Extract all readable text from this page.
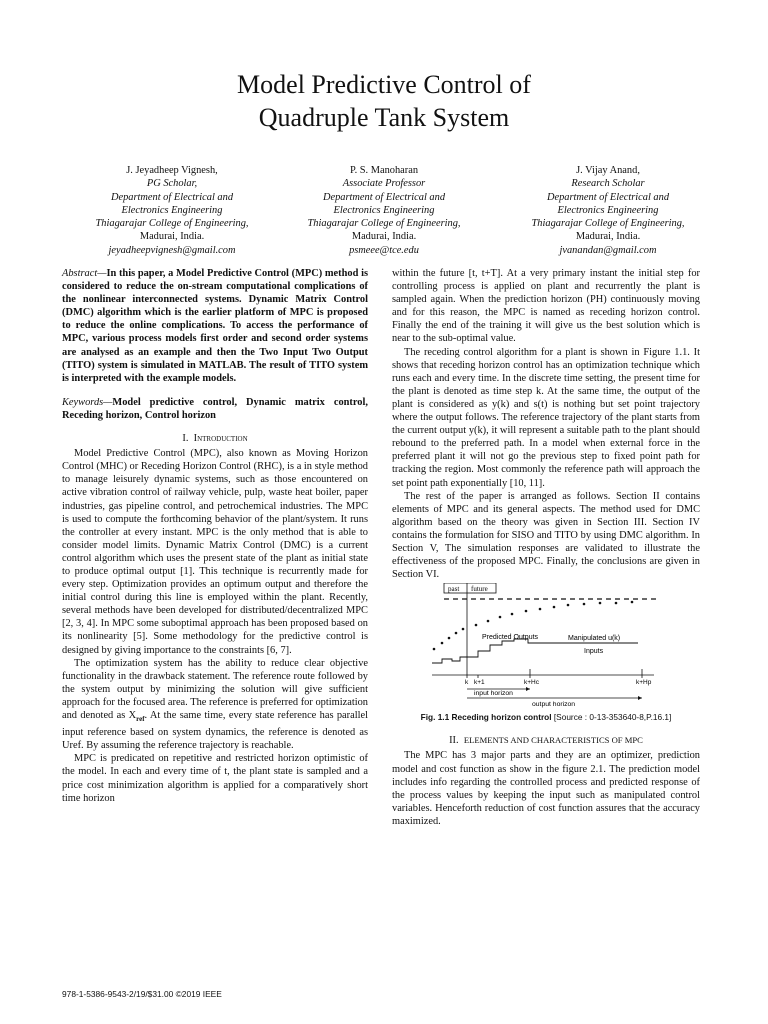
Model Predictive Control of
Quadruple Tank System
J. Jeyadheep Vignesh,
PG Scholar,
Department of Electrical and
Electronics Engineering
Thiagarajar College of Engineering,
Madurai, India.
jeyadheepvignesh@gmail.com
P. S. Manoharan
Associate Professor
Department of Electrical and
Electronics Engineering
Thiagarajar College of Engineering,
Madurai, India.
psmeee@tce.edu
J. Vijay Anand,
Research Scholar
Department of Electrical and
Electronics Engineering
Thiagarajar College of Engineering,
Madurai, India.
jvanandan@gmail.com

Abstract—In this paper, a Model Predictive Control (MPC) method is considered to reduce the on-stream computational complications of the nonlinear interconnected systems. Dynamic Matrix Control (DMC) algorithm which is the earlier platform of MPC is proposed to reduce the online complications. To access the performance of MPC, various process models first order and second order systems are analysed as an example and then the Two Input Two Output (TITO) system is simulated in MATLAB. The result of TITO system is interpreted with the example models.

Keywords—Model predictive control, Dynamic matrix control, Receding horizon, Control horizon

I. Introduction

Model Predictive Control (MPC), also known as Moving Horizon Control (MHC) or Receding Horizon Control (RHC), is a in style method to manage leisurely dynamic systems, such as those encountered on active vibration control of railway vehicle, pulp, waste heat boiler, paper industries, gas pipeline control, and petrochemical industries. The MPC is used to compute the forthcoming behavior of the plant/system. It runs the controller at every instant. MPC is the only method that is able to consider model limits. Dynamic Matrix Control (DMC) is a current control algorithm which uses the present state of the plant as initial state to produce optimal output [1]. This technique is recurrently made for every step. Optimization provides an optimum output and therefore the initial control during this line is employed within the plant. Recently, several methods have been developed for distributed/decentralized MPC [2, 3, 4]. In MPC some suboptimal approach has been proposed based on its nonlinearity [5]. Some methodology for the predictive control is designed by giving importance to the constraints [6, 7].

The optimization system has the ability to reduce clear objective functionality in the drawback statement. The reference route followed by the system output by minimizing the solution will give sufficient approach for the focused area. The reference is preferred for optimization and denoted as $X_{ref}$. At the same time, every state reference has parallel input reference based on system dynamics, the reference is denoted as Uref. By assuming the reference trajectory is reachable.

MPC is predicated on repetitive and restricted horizon optimistic of the model. In each and every time of t, the plant state is sampled and a price cost minimization algorithm is applied for a comparatively short time horizon

within the future [t, t+T]. At a very primary instant the initial step for controlling process is applied on plant and recurrently the plant is sampled again. When the prediction horizon (PH) continuously moving and for this reason, the MPC is named as receding horizon control. Finally the end of the training it will give us the best solution which is near to the sub-optimal value.

The receding control algorithm for a plant is shown in Figure 1.1. It shows that receding horizon control has an optimization technique which runs each and every time. In the discrete time setting, the present time for the plant is denoted as time step k. At the same time, the output of the plant is considered as y(k) and s(t) is nothing but set point trajectory where the output follows. The reference trajectory of the plant starts from the current output y(k), it will represent a suitable path to the plant should rebound to the preferred path. In a model when external force in the preferred plant it will not go the previous step to fixed point path for tracking the region. Most commonly the reference path will approach the set point path exponentially [10, 11].

The rest of the paper is arranged as follows. Section II contains elements of MPC and its general aspects. The method used for DMC algorithm based on the theory was given in Section III. Section IV contains the formulation for SISO and TITO by using DMC algorithm. In Section V, The simulation responses are validated to illustrate the effectiveness of the proposed MPC. Finally, the conclusions are given in Section VI.

past future
Predicted Outputs	Manipulated u(k)
Inputs
k k+1	k+Hc	k+Hp
input horizon
output horizon
Fig. 1.1 Receding horizon control [Source : 0-13-353640-8,P.16.1]
II. ELEMENTS AND CHARACTERISTICS OF MPC

The MPC has 3 major parts and they are an optimizer, prediction model and cost function as show in the figure 2.1. The prediction model includes info regarding the controlled process and predicted response of the process values by keeping the input such as manipulated control variables. Henceforth reduction of cost function assures that the accuracy maximized.

978-1-5386-9543-2/19/$31.00 ©2019 IEEE
